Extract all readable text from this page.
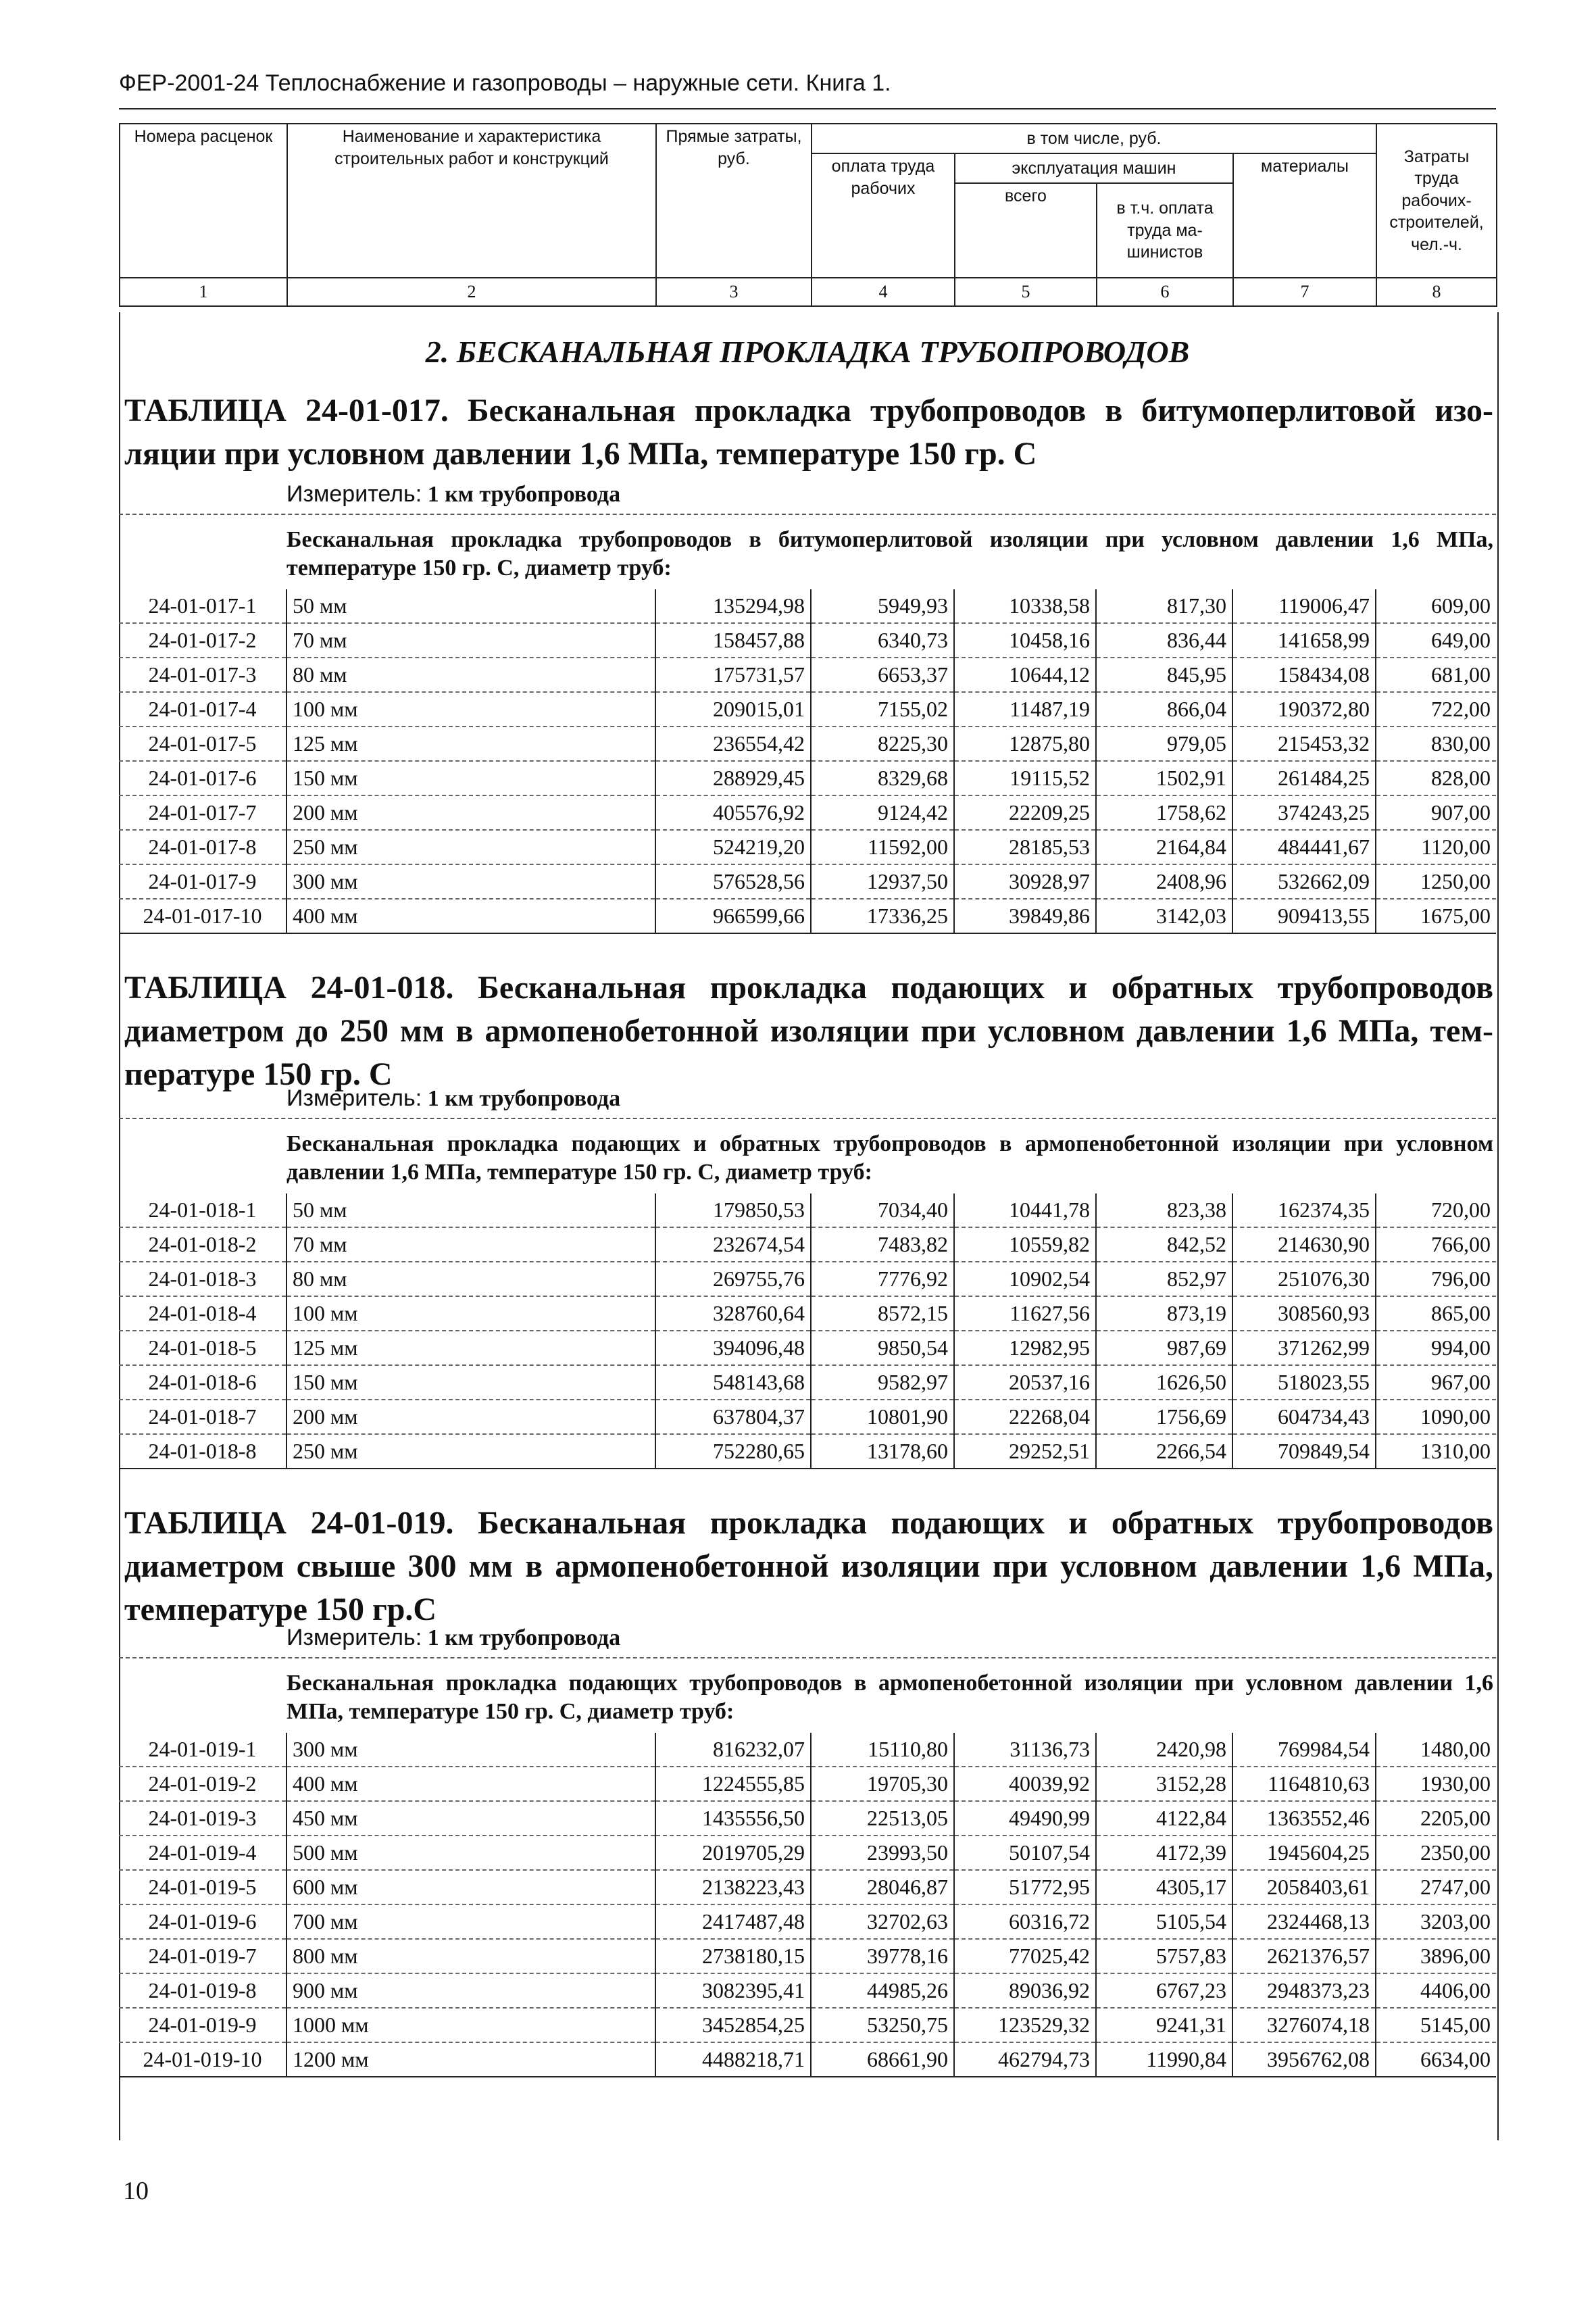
ФЕР-2001-24 Теплоснабжение и газопроводы – наружные сети. Книга 1.
Номера расценок	Наименование и характеристика строительных работ и конструкций	Прямые затраты, руб.	в том числе, руб.				Затраты труда рабочих-строителей, чел.-ч.
			оплата труда рабочих	эксплуатация машин		материалы	
				всего	в т.ч. оплата труда ма-шинистов		
1	2	3	4	5	6	7	8
2. БЕСКАНАЛЬНАЯ ПРОКЛАДКА ТРУБОПРОВОДОВ
ТАБЛИЦА 24-01-017. Бесканальная прокладка трубопроводов в битумоперлитовой изо-ляции при условном давлении 1,6 МПа, температуре 150 гр. С
Измеритель: 1 км трубопровода
Бесканальная прокладка трубопроводов в битумоперлитовой изоляции при условном давлении 1,6 МПа, температуре 150 гр. С, диаметр труб:
24-01-017-1	50 мм	135294,98	5949,93	10338,58	817,30	119006,47	609,00
24-01-017-2	70 мм	158457,88	6340,73	10458,16	836,44	141658,99	649,00
24-01-017-3	80 мм	175731,57	6653,37	10644,12	845,95	158434,08	681,00
24-01-017-4	100 мм	209015,01	7155,02	11487,19	866,04	190372,80	722,00
24-01-017-5	125 мм	236554,42	8225,30	12875,80	979,05	215453,32	830,00
24-01-017-6	150 мм	288929,45	8329,68	19115,52	1502,91	261484,25	828,00
24-01-017-7	200 мм	405576,92	9124,42	22209,25	1758,62	374243,25	907,00
24-01-017-8	250 мм	524219,20	11592,00	28185,53	2164,84	484441,67	1120,00
24-01-017-9	300 мм	576528,56	12937,50	30928,97	2408,96	532662,09	1250,00
24-01-017-10	400 мм	966599,66	17336,25	39849,86	3142,03	909413,55	1675,00
ТАБЛИЦА 24-01-018. Бесканальная прокладка подающих и обратных трубопроводов диаметром до 250 мм в армопенобетонной изоляции при условном давлении 1,6 МПа, тем-пературе 150 гр. С
Измеритель: 1 км трубопровода
Бесканальная прокладка подающих и обратных трубопроводов в армопенобетонной изоляции при условном давлении 1,6 МПа, температуре 150 гр. С, диаметр труб:
24-01-018-1	50 мм	179850,53	7034,40	10441,78	823,38	162374,35	720,00
24-01-018-2	70 мм	232674,54	7483,82	10559,82	842,52	214630,90	766,00
24-01-018-3	80 мм	269755,76	7776,92	10902,54	852,97	251076,30	796,00
24-01-018-4	100 мм	328760,64	8572,15	11627,56	873,19	308560,93	865,00
24-01-018-5	125 мм	394096,48	9850,54	12982,95	987,69	371262,99	994,00
24-01-018-6	150 мм	548143,68	9582,97	20537,16	1626,50	518023,55	967,00
24-01-018-7	200 мм	637804,37	10801,90	22268,04	1756,69	604734,43	1090,00
24-01-018-8	250 мм	752280,65	13178,60	29252,51	2266,54	709849,54	1310,00
ТАБЛИЦА 24-01-019. Бесканальная прокладка подающих и обратных трубопроводов диаметром свыше 300 мм в армопенобетонной изоляции при условном давлении 1,6 МПа, температуре 150 гр.С
Измеритель: 1 км трубопровода
Бесканальная прокладка подающих трубопроводов в армопенобетонной изоляции при условном давлении 1,6 МПа, температуре 150 гр. С, диаметр труб:
24-01-019-1	300 мм	816232,07	15110,80	31136,73	2420,98	769984,54	1480,00
24-01-019-2	400 мм	1224555,85	19705,30	40039,92	3152,28	1164810,63	1930,00
24-01-019-3	450 мм	1435556,50	22513,05	49490,99	4122,84	1363552,46	2205,00
24-01-019-4	500 мм	2019705,29	23993,50	50107,54	4172,39	1945604,25	2350,00
24-01-019-5	600 мм	2138223,43	28046,87	51772,95	4305,17	2058403,61	2747,00
24-01-019-6	700 мм	2417487,48	32702,63	60316,72	5105,54	2324468,13	3203,00
24-01-019-7	800 мм	2738180,15	39778,16	77025,42	5757,83	2621376,57	3896,00
24-01-019-8	900 мм	3082395,41	44985,26	89036,92	6767,23	2948373,23	4406,00
24-01-019-9	1000 мм	3452854,25	53250,75	123529,32	9241,31	3276074,18	5145,00
24-01-019-10	1200 мм	4488218,71	68661,90	462794,73	11990,84	3956762,08	6634,00
10
